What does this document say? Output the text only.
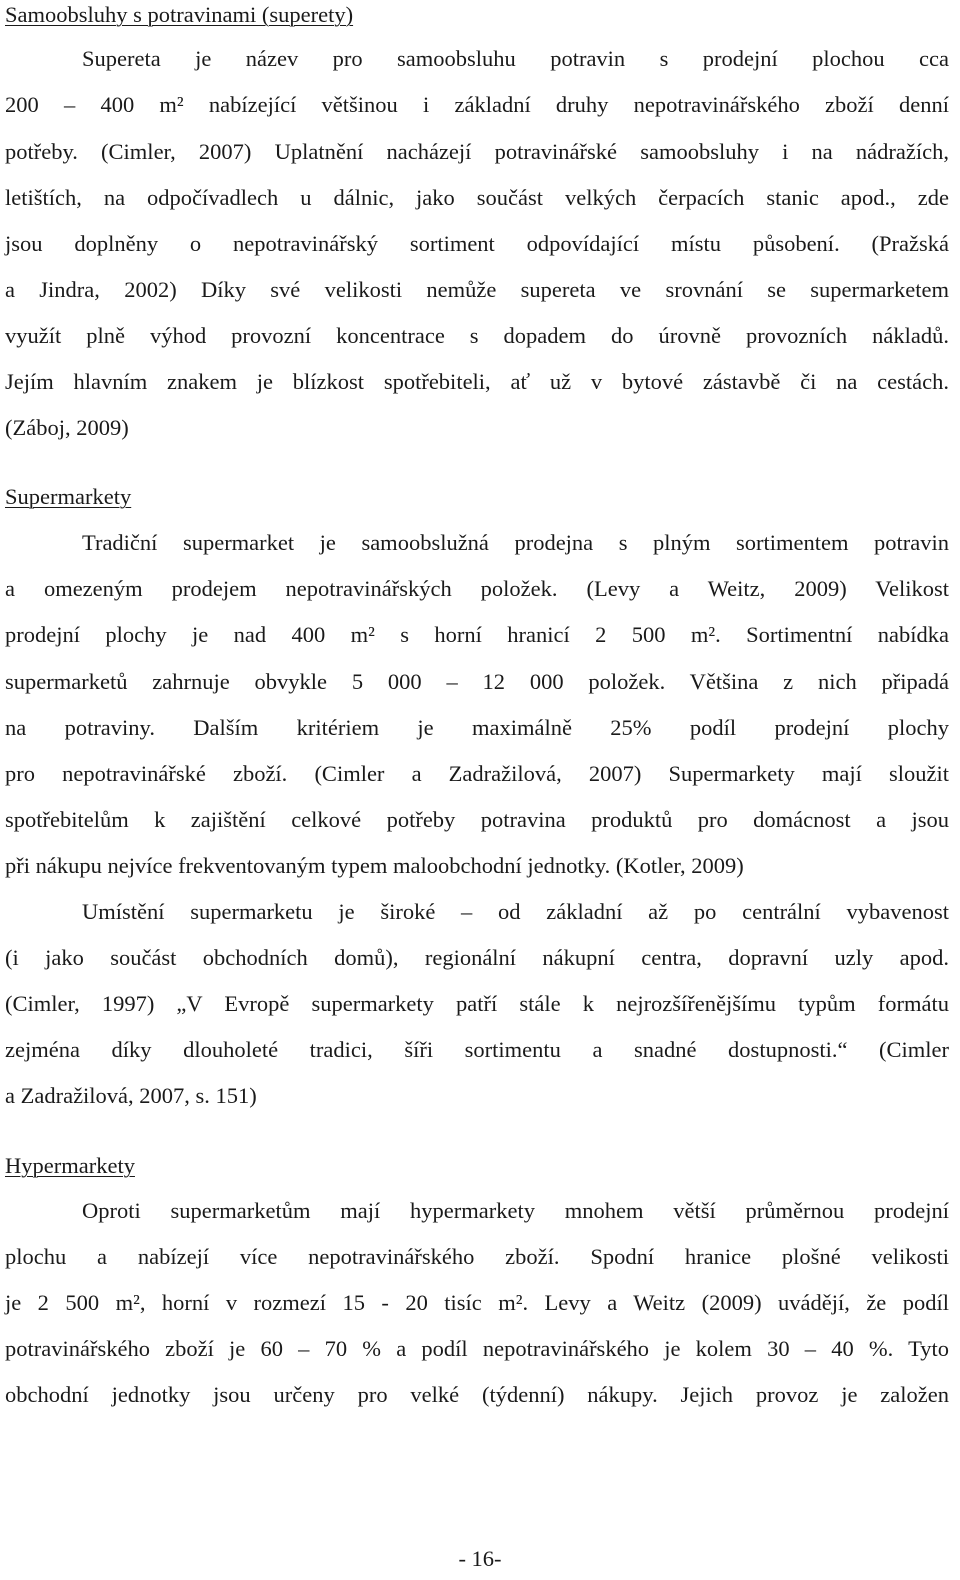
Samoobsluhy s potravinami (superety)
Supereta je název pro samoobsluhu potravin s prodejní plochou cca
200 – 400 m² nabízející většinou i základní druhy nepotravinářského zboží denní
potřeby. (Cimler, 2007) Uplatnění nacházejí potravinářské samoobsluhy i na nádražích,
letištích, na odpočívadlech u dálnic, jako součást velkých čerpacích stanic apod., zde
jsou doplněny o nepotravinářský sortiment odpovídající místu působení. (Pražská
a Jindra, 2002) Díky své velikosti nemůže supereta ve srovnání se supermarketem
využít plně výhod provozní koncentrace s dopadem do úrovně provozních nákladů.
Jejím hlavním znakem je blízkost spotřebiteli, ať už v bytové zástavbě či na cestách.
(Záboj, 2009)
Supermarkety
Tradiční supermarket je samoobslužná prodejna s plným sortimentem potravin
a omezeným prodejem nepotravinářských položek. (Levy a Weitz, 2009) Velikost
prodejní plochy je nad 400 m² s horní hranicí 2 500 m². Sortimentní nabídka
supermarketů zahrnuje obvykle 5 000 – 12 000 položek. Většina z nich připadá
na potraviny. Dalším kritériem je maximálně 25% podíl prodejní plochy
pro nepotravinářské zboží. (Cimler a Zadražilová, 2007) Supermarkety mají sloužit
spotřebitelům k zajištění celkové potřeby potravina produktů pro domácnost a jsou
při nákupu nejvíce frekventovaným typem maloobchodní jednotky. (Kotler, 2009)
Umístění supermarketu je široké – od základní až po centrální vybavenost
(i jako součást obchodních domů), regionální nákupní centra, dopravní uzly apod.
(Cimler, 1997) „V Evropě supermarkety patří stále k nejrozšířenějšímu typům formátu
zejména díky dlouholeté tradici, šíři sortimentu a snadné dostupnosti.“ (Cimler
a Zadražilová, 2007, s. 151)
Hypermarkety
Oproti supermarketům mají hypermarkety mnohem větší průměrnou prodejní
plochu a nabízejí více nepotravinářského zboží. Spodní hranice plošné velikosti
je 2 500 m², horní v rozmezí 15 - 20 tisíc m². Levy a Weitz (2009) uvádějí, že podíl
potravinářského zboží je 60 – 70 % a podíl nepotravinářského je kolem 30 – 40 %. Tyto
obchodní jednotky jsou určeny pro velké (týdenní) nákupy. Jejich provoz je založen
- 16-
